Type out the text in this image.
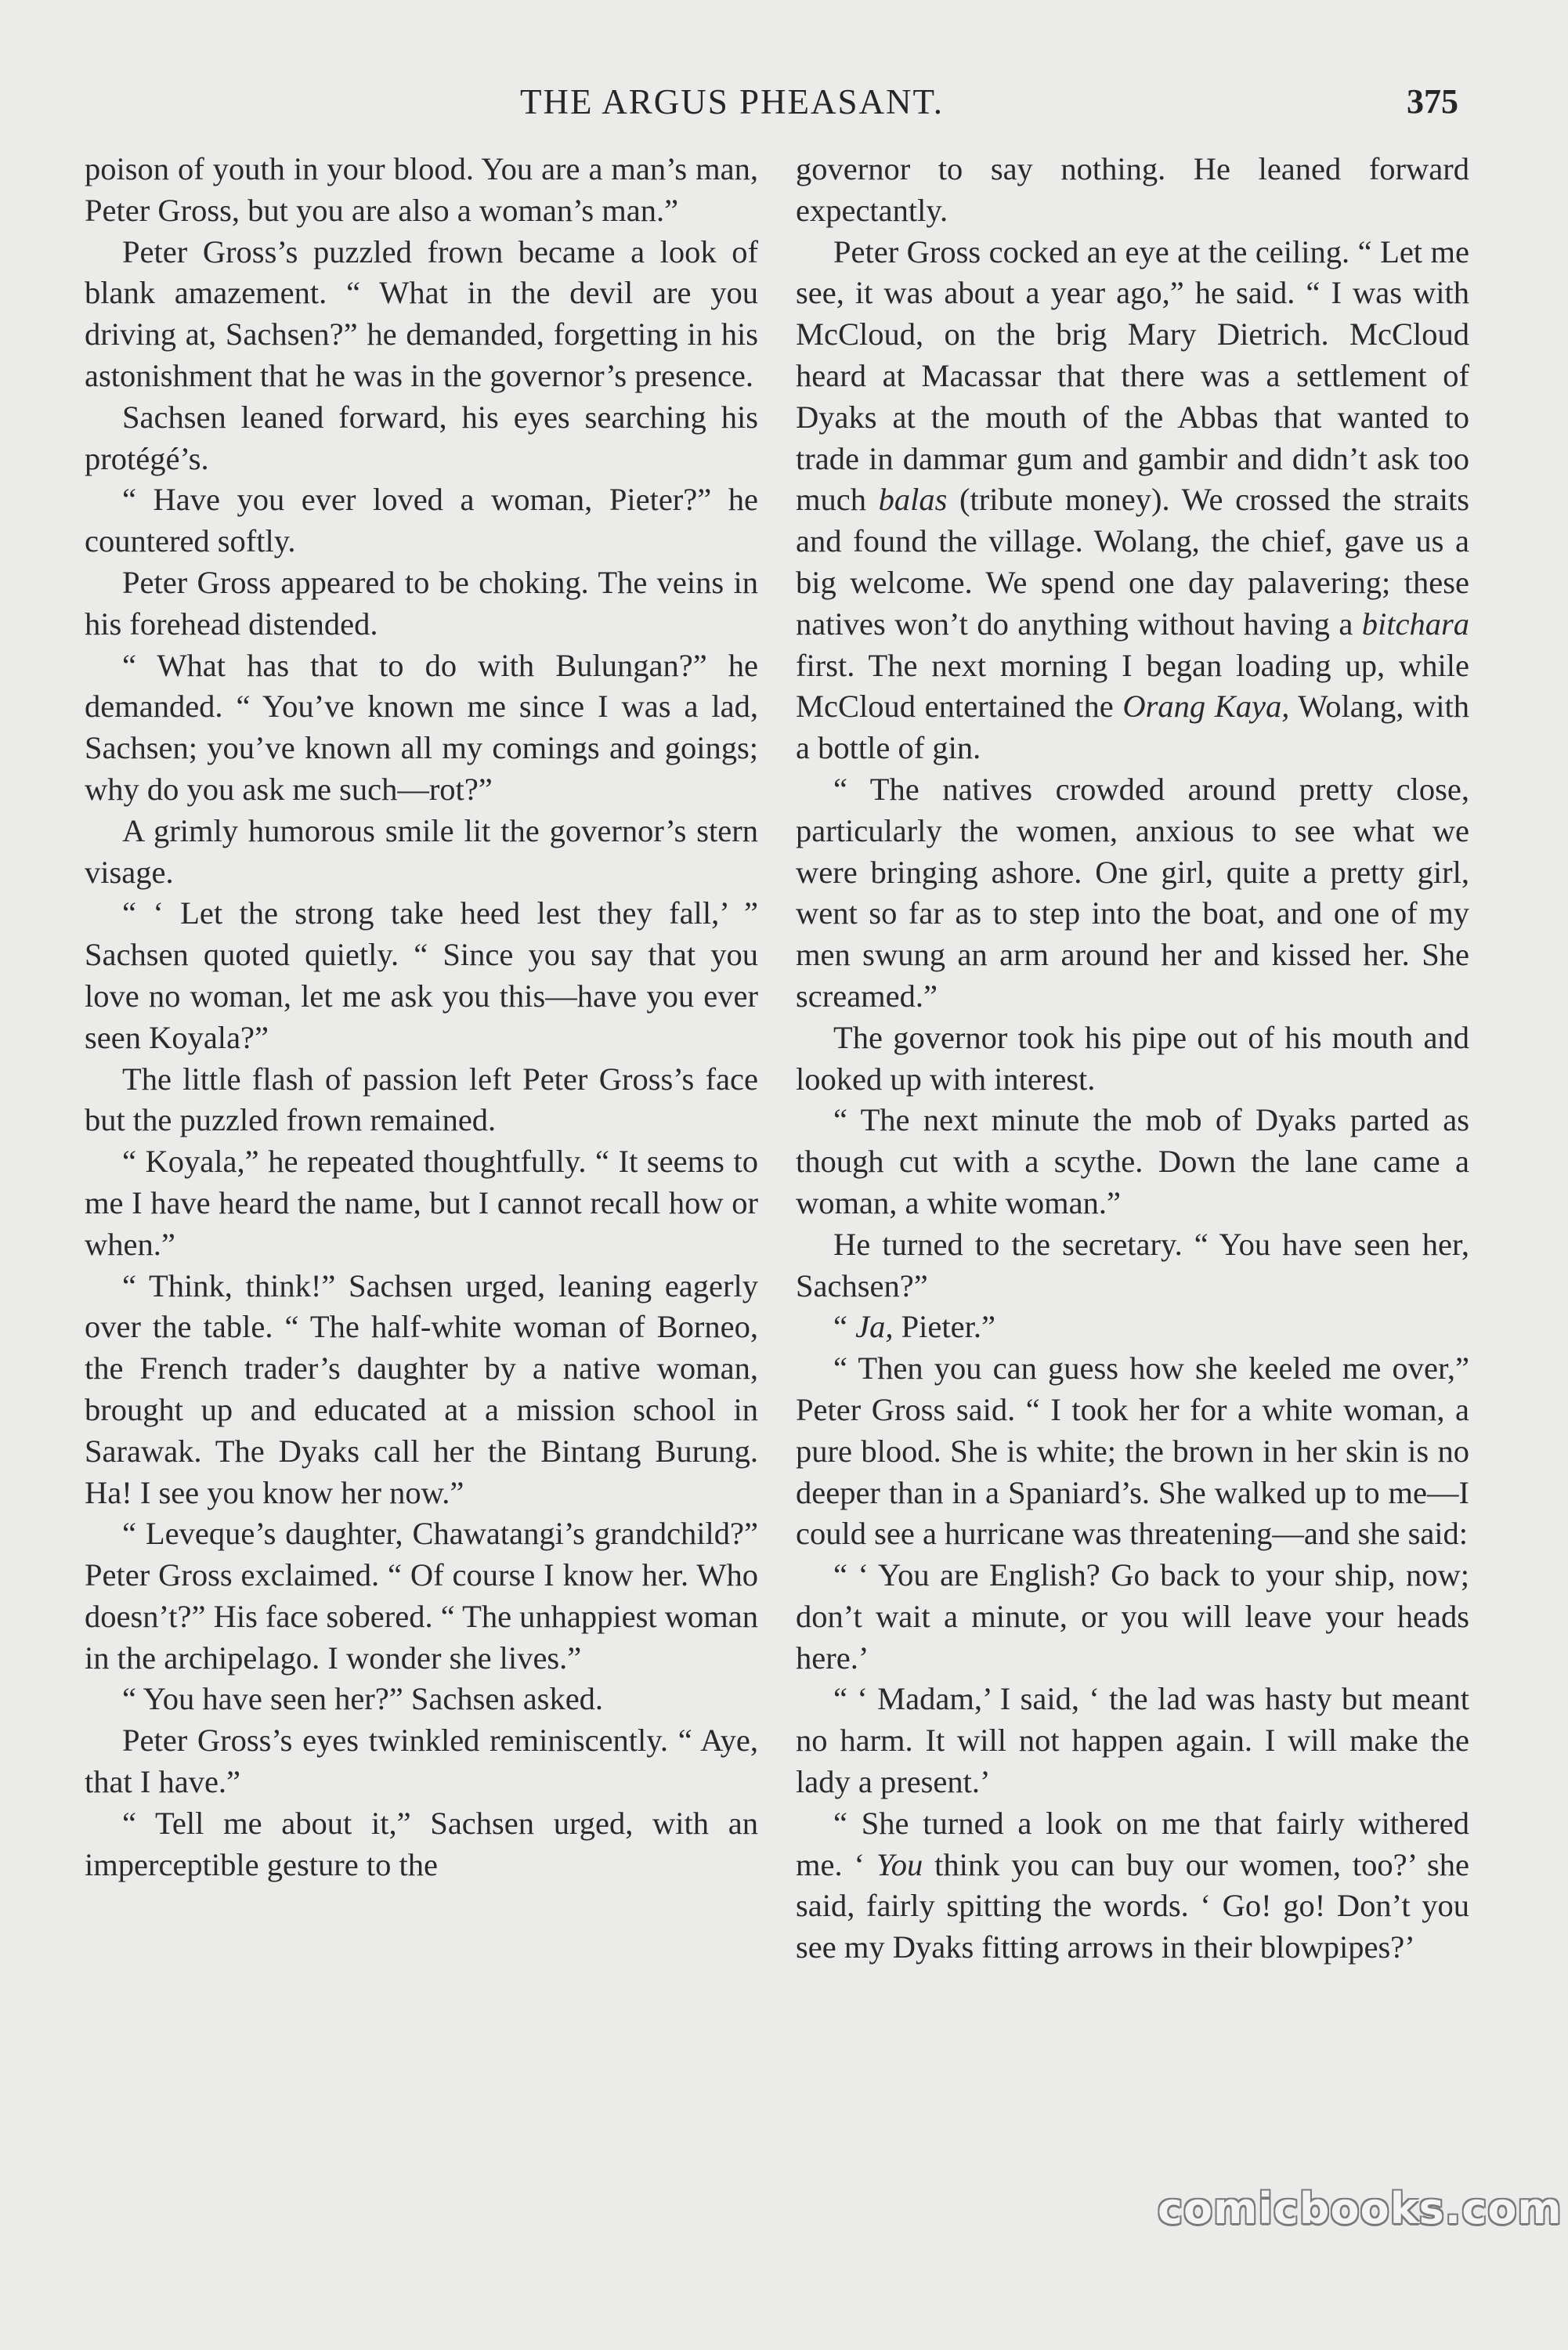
THE ARGUS PHEASANT.	375

poison of youth in your blood. You are a man’s man, Peter Gross, but you are also a woman’s man.”

Peter Gross’s puzzled frown became a look of blank amazement. “ What in the devil are you driving at, Sachsen?” he demanded, forgetting in his astonishment that he was in the governor’s presence.

Sachsen leaned forward, his eyes searching his protégé’s.

“ Have you ever loved a woman, Pieter?” he countered softly.

Peter Gross appeared to be choking. The veins in his forehead distended.

“ What has that to do with Bulungan?” he demanded. “ You’ve known me since I was a lad, Sachsen; you’ve known all my comings and goings; why do you ask me such—rot?”

A grimly humorous smile lit the governor’s stern visage.

“ ‘ Let the strong take heed lest they fall,’ ” Sachsen quoted quietly. “ Since you say that you love no woman, let me ask you this—have you ever seen Koyala?”

The little flash of passion left Peter Gross’s face but the puzzled frown remained.

“ Koyala,” he repeated thoughtfully. “ It seems to me I have heard the name, but I cannot recall how or when.”

“ Think, think!” Sachsen urged, leaning eagerly over the table. “ The half-white woman of Borneo, the French trader’s daughter by a native woman, brought up and educated at a mission school in Sarawak. The Dyaks call her the Bintang Burung. Ha! I see you know her now.”

“ Leveque’s daughter, Chawatangi’s grandchild?” Peter Gross exclaimed. “ Of course I know her. Who doesn’t?” His face sobered. “ The unhappiest woman in the archipelago. I wonder she lives.”

“ You have seen her?” Sachsen asked.

Peter Gross’s eyes twinkled reminiscently. “ Aye, that I have.”

“ Tell me about it,” Sachsen urged, with an imperceptible gesture to the

governor to say nothing. He leaned forward expectantly.

Peter Gross cocked an eye at the ceiling. “ Let me see, it was about a year ago,” he said. “ I was with McCloud, on the brig Mary Dietrich. McCloud heard at Macassar that there was a settlement of Dyaks at the mouth of the Abbas that wanted to trade in dammar gum and gambir and didn’t ask too much balas (tribute money). We crossed the straits and found the village. Wolang, the chief, gave us a big welcome. We spend one day palavering; these natives won’t do anything without having a bitchara first. The next morning I began loading up, while McCloud entertained the Orang Kaya, Wolang, with a bottle of gin.

“ The natives crowded around pretty close, particularly the women, anxious to see what we were bringing ashore. One girl, quite a pretty girl, went so far as to step into the boat, and one of my men swung an arm around her and kissed her. She screamed.”

The governor took his pipe out of his mouth and looked up with interest.

“ The next minute the mob of Dyaks parted as though cut with a scythe. Down the lane came a woman, a white woman.”

He turned to the secretary. “ You have seen her, Sachsen?”

“ Ja, Pieter.”

“ Then you can guess how she keeled me over,” Peter Gross said. “ I took her for a white woman, a pure blood. She is white; the brown in her skin is no deeper than in a Spaniard’s. She walked up to me—I could see a hurricane was threatening—and she said:

“ ‘ You are English? Go back to your ship, now; don’t wait a minute, or you will leave your heads here.’

“ ‘ Madam,’ I said, ‘ the lad was hasty but meant no harm. It will not happen again. I will make the lady a present.’

“ She turned a look on me that fairly withered me. ‘ You think you can buy our women, too?’ she said, fairly spitting the words. ‘ Go! go! Don’t you see my Dyaks fitting arrows in their blowpipes?’

comicbooks.com
